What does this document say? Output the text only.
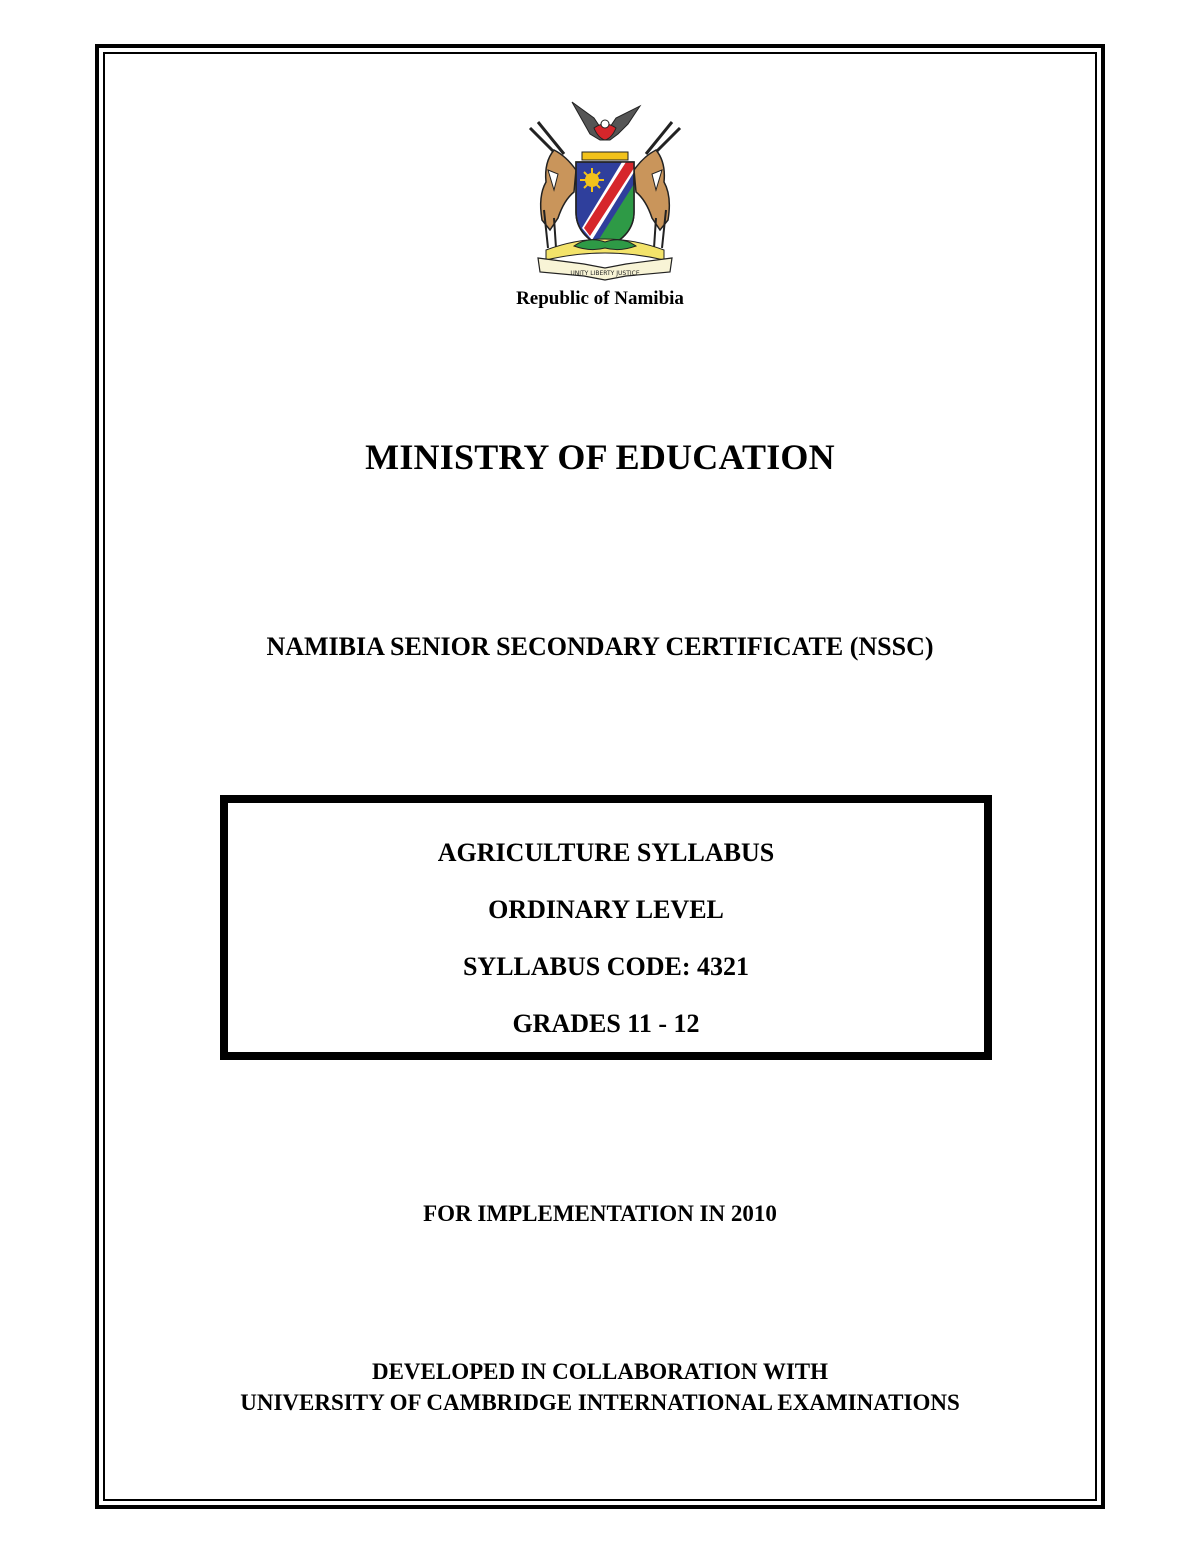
UNITY LIBERTY JUSTICE
Republic of Namibia
MINISTRY OF EDUCATION
NAMIBIA SENIOR SECONDARY CERTIFICATE (NSSC)
AGRICULTURE SYLLABUS
ORDINARY LEVEL
SYLLABUS CODE: 4321
GRADES 11 - 12
FOR IMPLEMENTATION IN 2010
DEVELOPED IN COLLABORATION WITH
UNIVERSITY OF CAMBRIDGE INTERNATIONAL EXAMINATIONS
